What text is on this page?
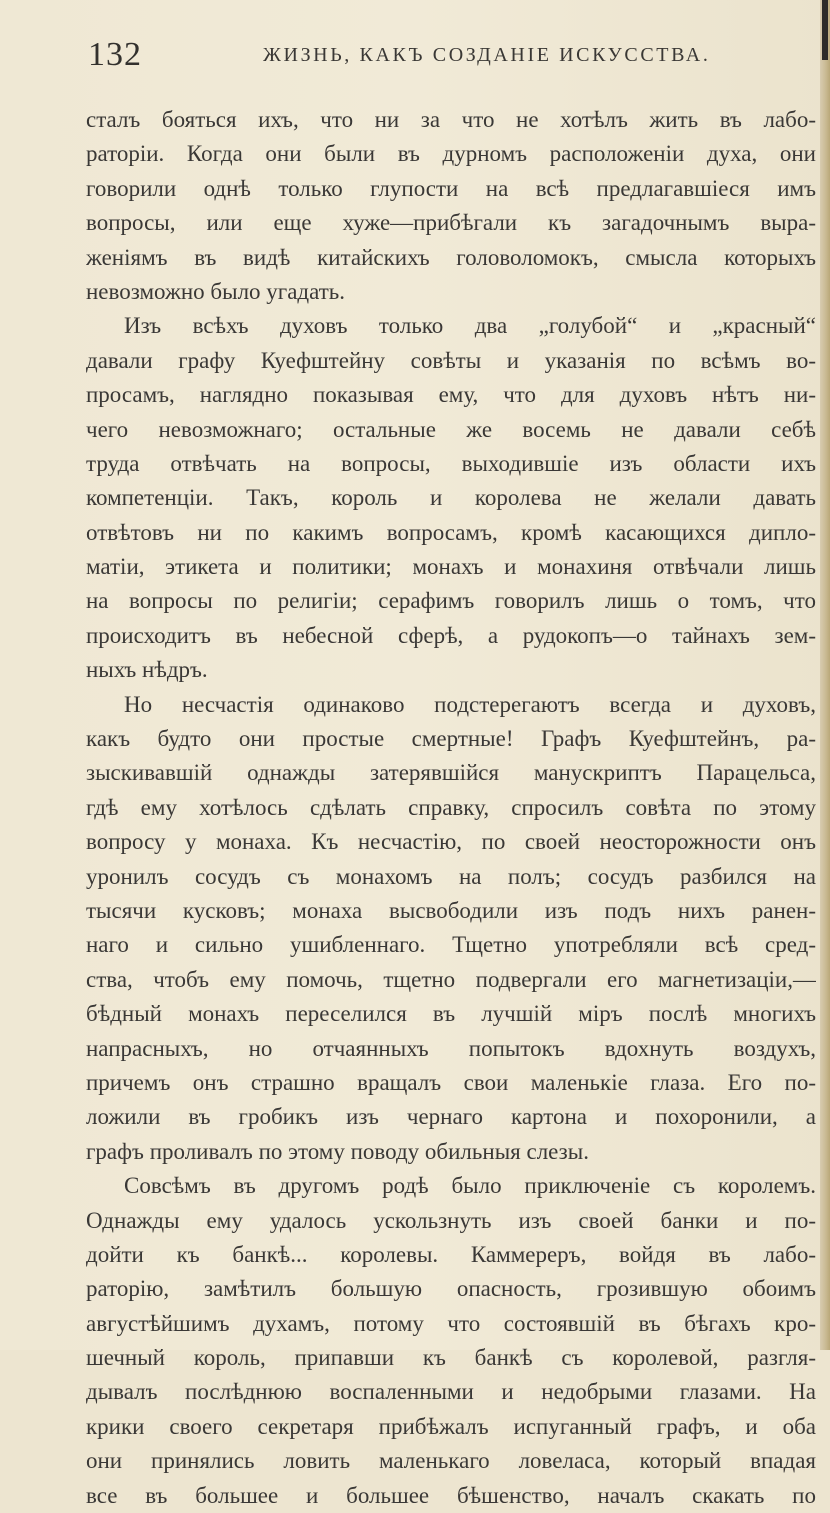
132	ЖИЗНЬ, КАКЪ СОЗДАНІЕ ИСКУССТВА.
сталъ бояться ихъ, что ни за что не хотѣлъ жить въ лабо-
раторіи. Когда они были въ дурномъ расположеніи духа, они
говорили однѣ только глупости на всѣ предлагавшіеся имъ
вопросы, или еще хуже—прибѣгали къ загадочнымъ выра-
женіямъ въ видѣ китайскихъ головоломокъ, смысла которыхъ
невозможно было угадать.
Изъ всѣхъ духовъ только два „голубой“ и „красный“
давали графу Куефштейну совѣты и указанія по всѣмъ во-
просамъ, наглядно показывая ему, что для духовъ нѣтъ ни-
чего невозможнаго; остальные же восемь не давали себѣ
труда отвѣчать на вопросы, выходившіе изъ области ихъ
компетенціи. Такъ, король и королева не желали давать
отвѣтовъ ни по какимъ вопросамъ, кромѣ касающихся дипло-
матіи, этикета и политики; монахъ и монахиня отвѣчали лишь
на вопросы по религіи; серафимъ говорилъ лишь о томъ, что
происходитъ въ небесной сферѣ, а рудокопъ—о тайнахъ зем-
ныхъ нѣдръ.
Но несчастія одинаково подстерегаютъ всегда и духовъ,
какъ будто они простые смертные! Графъ Куефштейнъ, ра-
зыскивавшій однажды затерявшійся манускриптъ Парацельса,
гдѣ ему хотѣлось сдѣлать справку, спросилъ совѣта по этому
вопросу у монаха. Къ несчастію, по своей неосторожности онъ
уронилъ сосудъ съ монахомъ на полъ; сосудъ разбился на
тысячи кусковъ; монаха высвободили изъ подъ нихъ ранен-
наго и сильно ушибленнаго. Тщетно употребляли всѣ сред-
ства, чтобъ ему помочь, тщетно подвергали его магнетизаціи,—
бѣдный монахъ переселился въ лучшій міръ послѣ многихъ
напрасныхъ, но отчаянныхъ попытокъ вдохнуть воздухъ,
причемъ онъ страшно вращалъ свои маленькіе глаза. Его по-
ложили въ гробикъ изъ чернаго картона и похоронили, а
графъ проливалъ по этому поводу обильныя слезы.
Совсѣмъ въ другомъ родѣ было приключеніе съ королемъ.
Однажды ему удалось ускользнуть изъ своей банки и по-
дойти къ банкѣ... королевы. Каммерeръ, войдя въ лабо-
раторію, замѣтилъ большую опасность, грозившую обоимъ
августѣйшимъ духамъ, потому что состоявшій въ бѣгахъ кро-
шечный король, припавши къ банкѣ съ королевой, разгля-
дывалъ послѣднюю воспаленными и недобрыми глазами. На
крики своего секретаря прибѣжалъ испуганный графъ, и оба
они принялись ловить маленькаго ловеласа, который впадая
все въ большее и большее бѣшенство, началъ скакать по
